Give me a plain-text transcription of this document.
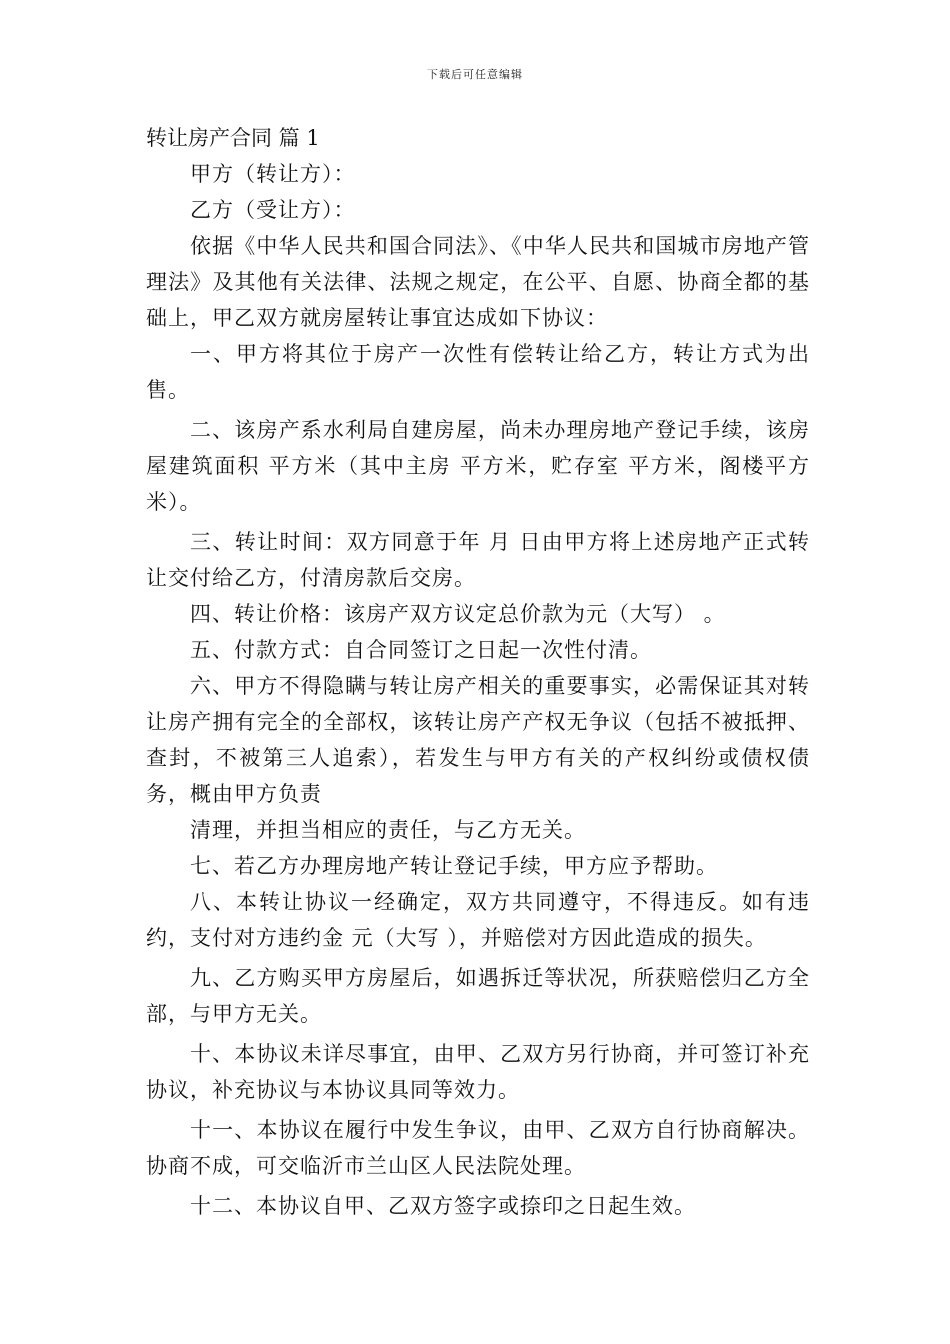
下载后可任意编辑
转让房产合同 篇 1

甲方（转让方）：

乙方（受让方）：

依据《中华人民共和国合同法》、《中华人民共和国城市房地产管理法》及其他有关法律、法规之规定，在公平、自愿、协商全都的基础上，甲乙双方就房屋转让事宜达成如下协议：

一、甲方将其位于房产一次性有偿转让给乙方，转让方式为出售。

二、该房产系水利局自建房屋，尚未办理房地产登记手续，该房屋建筑面积 平方米（其中主房 平方米，贮存室 平方米，阁楼平方米）。

三、转让时间：双方同意于年 月 日由甲方将上述房地产正式转让交付给乙方，付清房款后交房。

四、转让价格：该房产双方议定总价款为元（大写） 。

五、付款方式：自合同签订之日起一次性付清。

六、甲方不得隐瞒与转让房产相关的重要事实，必需保证其对转让房产拥有完全的全部权，该转让房产产权无争议（包括不被抵押、查封，不被第三人追索），若发生与甲方有关的产权纠纷或债权债务，概由甲方负责

清理，并担当相应的责任，与乙方无关。

七、若乙方办理房地产转让登记手续，甲方应予帮助。

八、本转让协议一经确定，双方共同遵守，不得违反。如有违约，支付对方违约金 元（大写 ），并赔偿对方因此造成的损失。

九、乙方购买甲方房屋后，如遇拆迁等状况，所获赔偿归乙方全部，与甲方无关。

十、本协议未详尽事宜，由甲、乙双方另行协商，并可签订补充协议，补充协议与本协议具同等效力。

十一、本协议在履行中发生争议，由甲、乙双方自行协商解决。协商不成，可交临沂市兰山区人民法院处理。

十二、本协议自甲、乙双方签字或捺印之日起生效。
